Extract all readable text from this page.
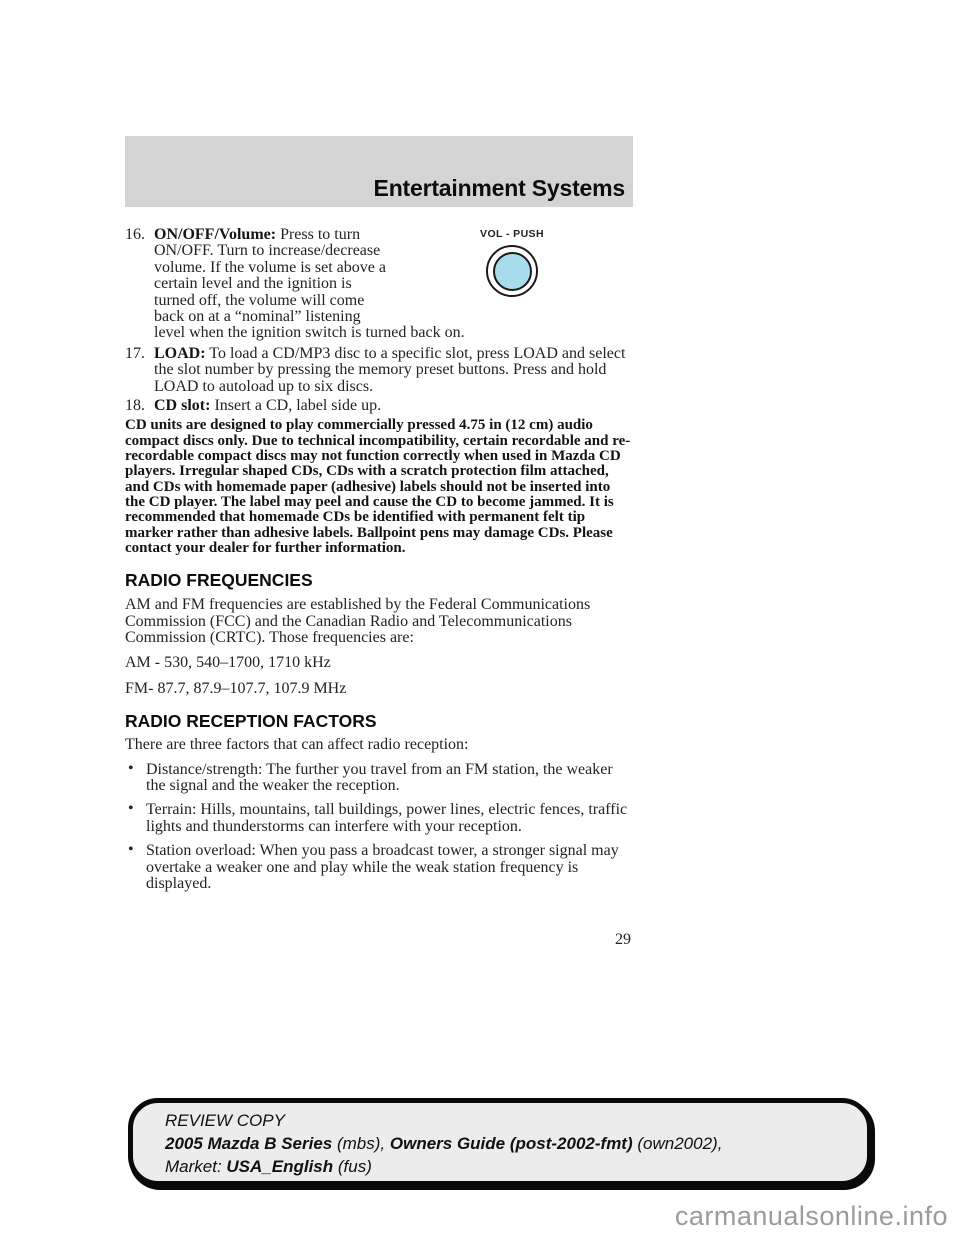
Entertainment Systems
16.	VOL - PUSH
ON/OFF/Volume: Press to turn ON/OFF. Turn to increase/decrease volume. If the volume is set above a certain level and the ignition is turned off, the volume will come back on at a “nominal” listening level when the ignition switch is turned back on.
17. LOAD: To load a CD/MP3 disc to a specific slot, press LOAD and select the slot number by pressing the memory preset buttons. Press and hold LOAD to autoload up to six discs.
18. CD slot: Insert a CD, label side up.
CD units are designed to play commercially pressed 4.75 in (12 cm) audio compact discs only. Due to technical incompatibility, certain recordable and re-recordable compact discs may not function correctly when used in Mazda CD players. Irregular shaped CDs, CDs with a scratch protection film attached, and CDs with homemade paper (adhesive) labels should not be inserted into the CD player. The label may peel and cause the CD to become jammed. It is recommended that homemade CDs be identified with permanent felt tip marker rather than adhesive labels. Ballpoint pens may damage CDs. Please contact your dealer for further information.
RADIO FREQUENCIES
AM and FM frequencies are established by the Federal Communications Commission (FCC) and the Canadian Radio and Telecommunications Commission (CRTC). Those frequencies are:
AM - 530, 540–1700, 1710 kHz
FM- 87.7, 87.9–107.7, 107.9 MHz
RADIO RECEPTION FACTORS
There are three factors that can affect radio reception:
• Distance/strength: The further you travel from an FM station, the weaker the signal and the weaker the reception.
• Terrain: Hills, mountains, tall buildings, power lines, electric fences, traffic lights and thunderstorms can interfere with your reception.
• Station overload: When you pass a broadcast tower, a stronger signal may overtake a weaker one and play while the weak station frequency is displayed.
29
REVIEW COPY
2005 Mazda B Series (mbs), Owners Guide (post-2002-fmt) (own2002),
Market: USA_English (fus)
carmanualsonline.info
